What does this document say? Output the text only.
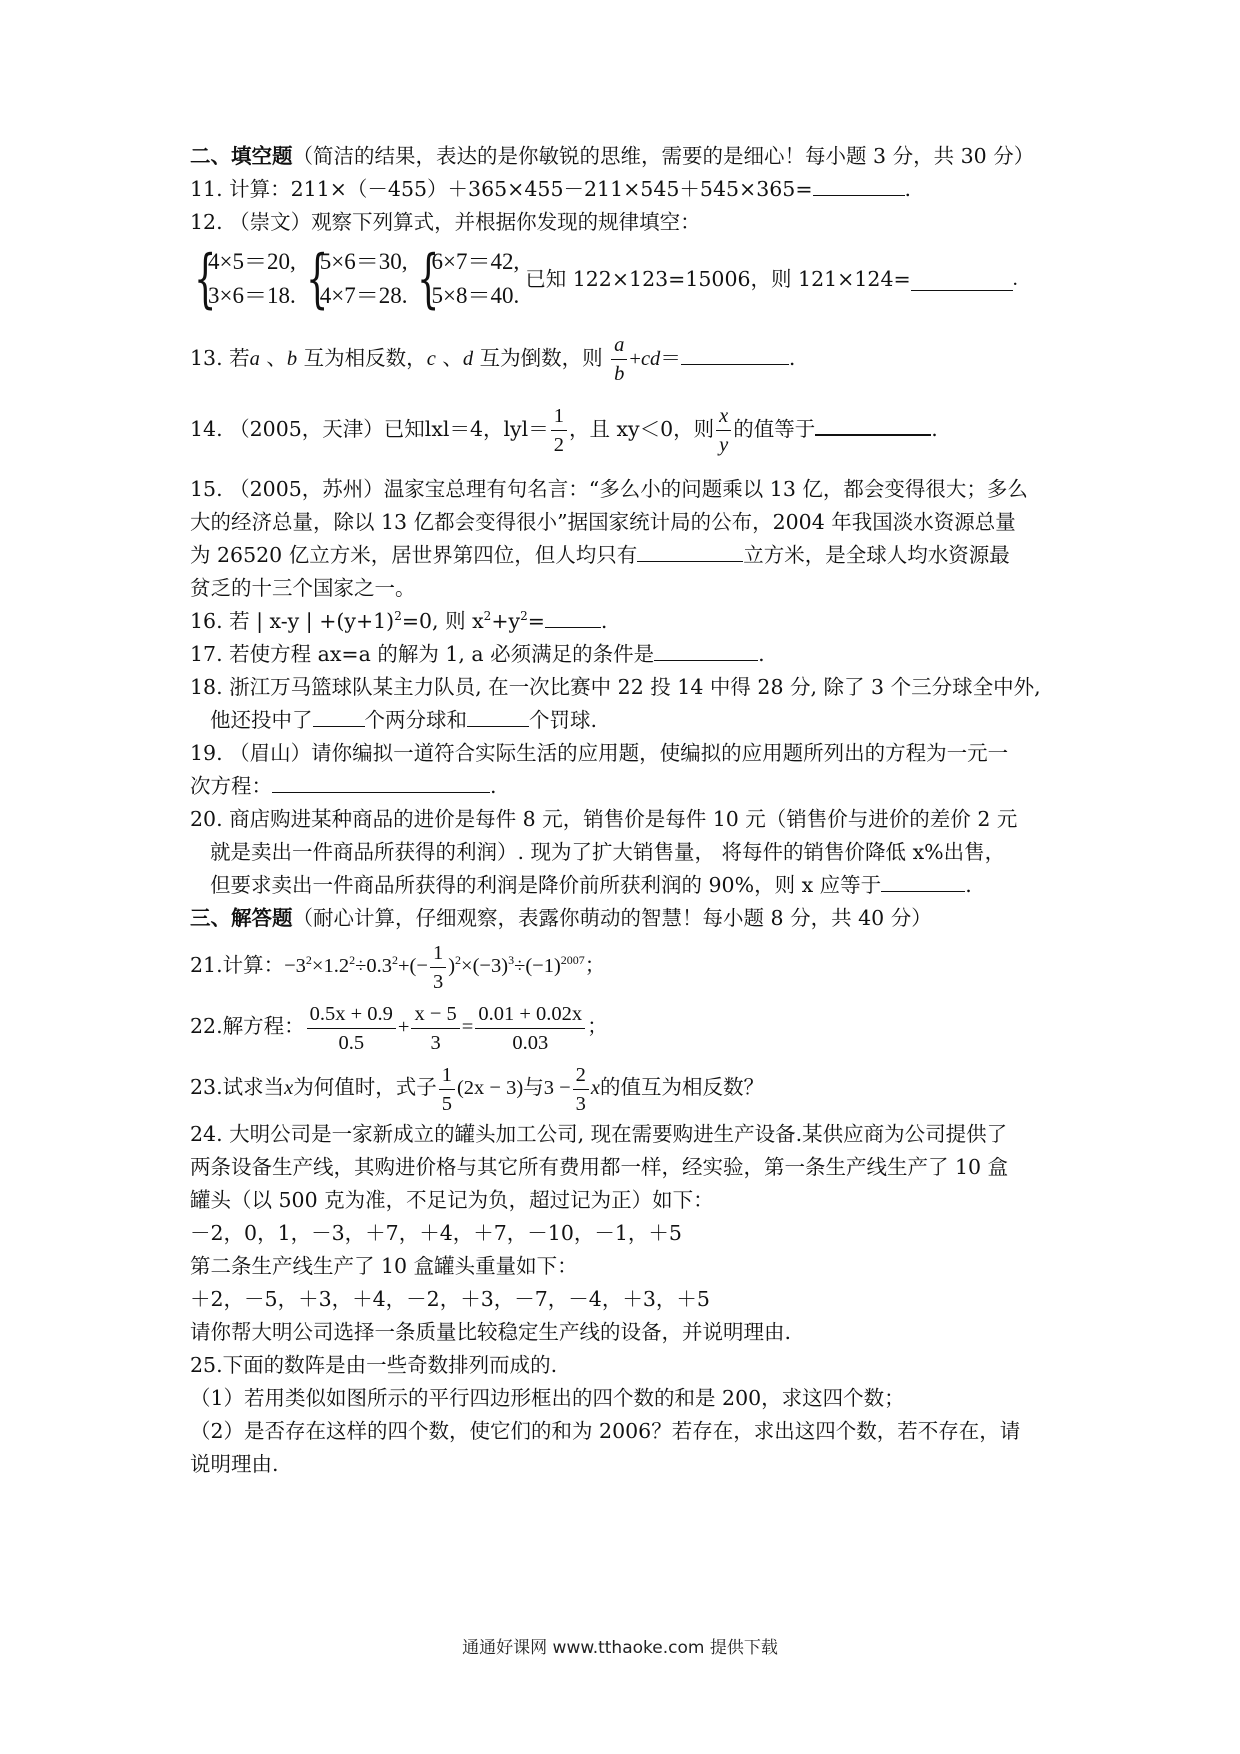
二、填空题（简洁的结果，表达的是你敏锐的思维，需要的是细心！每小题 3 分，共 30 分）
11. 计算：211×（－455）＋365×455－211×545＋545×365=	.
12. （崇文）观察下列算式，并根据你发现的规律填空：
{
4×5＝20,
3×6＝18. {
5×6＝30,
4×7＝28. {
6×7＝42,
5×8＝40.
已知 122×123=15006，则 121×124=	.
13. 若a 、b 互为相反数，c 、d 互为倒数，则 $\frac{a}{b} +cd=$	.
14. （2005，天津）已知lxl＝4，$lyl= \frac{1}{2}$ ，且 xy＜0，则 $\frac{x}{y}$ 的值等于	.
15. （2005，苏州）温家宝总理有句名言：“多么小的问题乘以 13 亿，都会变得很大；多么
大的经济总量，除以 13 亿都会变得很小”据国家统计局的公布，2004 年我国淡水资源总量
为 26520 亿立方米，居世界第四位，但人均只有	立方米，是全球人均水资源最
贫乏的十三个国家之一。
16. 若 | x-y | $+(y+1)^2=0$, 则 $x^2+y^2=$	.
17. 若使方程 ax=a 的解为 1, a 必须满足的条件是	.
18. 浙江万马篮球队某主力队员, 在一次比赛中 22 投 14 中得 28 分, 除了 3 个三分球全中外,
他还投中了	个两分球和	个罚球.
19. （眉山）请你编拟一道符合实际生活的应用题，使编拟的应用题所列出的方程为一元一
次方程：	.
20. 商店购进某种商品的进价是每件 8 元，销售价是每件 10 元（销售价与进价的差价 2 元
就是卖出一件商品所获得的利润）. 现为了扩大销售量， 将每件的销售价降低 x%出售，
但要求卖出一件商品所获得的利润是降价前所获利润的 90%，则 x 应等于	.
三、解答题（耐心计算，仔细观察，表露你萌动的智慧！每小题 8 分，共 40 分）
21.计算：$-3^2\times 1.2^2\div 0.3^2+(- \frac{1}{3} )^2\times(-3)^3\div(-1)^{2007}$；
22.解方程： $\frac{0.5x + 0.9}{0.5} + \frac{x - 5}{3} = \frac{0.01 + 0.02x}{0.03}$ ；
23.试求当x为何值时，式子 $\frac{1}{5} (2x - 3)$与$3 - \frac{2}{3}$ x的值互为相反数？
24. 大明公司是一家新成立的罐头加工公司, 现在需要购进生产设备.某供应商为公司提供了
两条设备生产线，其购进价格与其它所有费用都一样，经实验，第一条生产线生产了 10 盒
罐头（以 500 克为准，不足记为负，超过记为正）如下：
－2，0，1，－3，＋7，＋4，＋7，－10，－1，＋5
第二条生产线生产了 10 盒罐头重量如下：
＋2，－5，＋3，＋4，－2，＋3，－7，－4，＋3，＋5
请你帮大明公司选择一条质量比较稳定生产线的设备，并说明理由.
25.下面的数阵是由一些奇数排列而成的.
（1）若用类似如图所示的平行四边形框出的四个数的和是 200，求这四个数；
（2）是否存在这样的四个数，使它们的和为 2006？若存在，求出这四个数，若不存在，请
说明理由.
通通好课网 www.tthaoke.com 提供下载
